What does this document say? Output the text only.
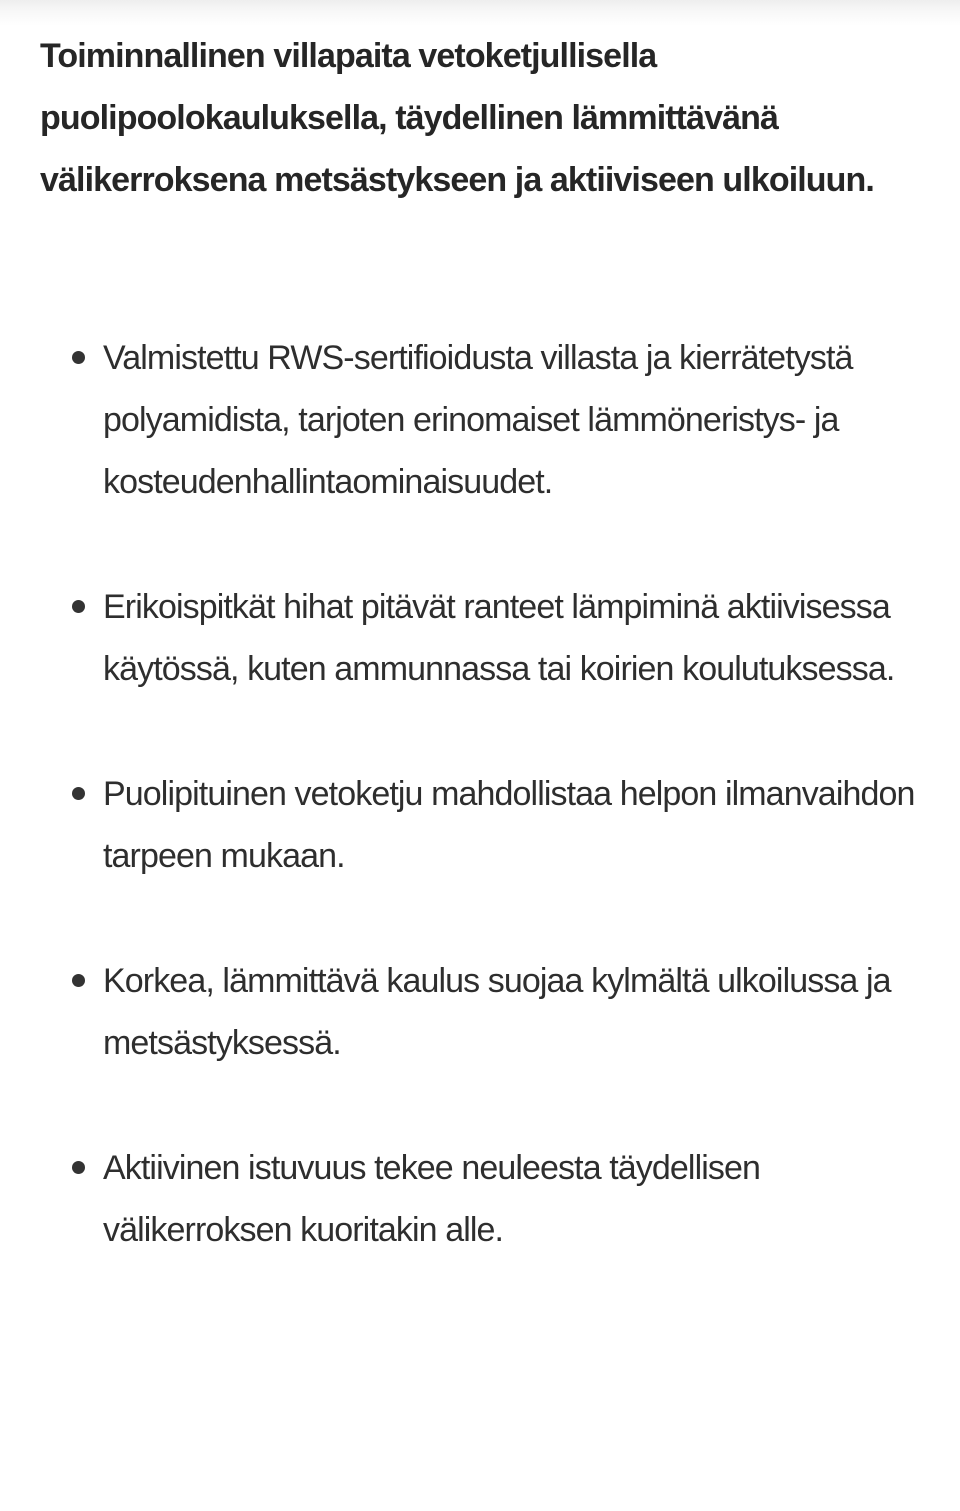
Toiminnallinen villapaita vetoketjullisella puolipoolokauluksella, täydellinen lämmittävänä välikerroksena metsästykseen ja aktiiviseen ulkoiluun.

Valmistettu RWS-sertifioidusta villasta ja kierrätetystä polyamidista, tarjoten erinomaiset lämmöneristys- ja kosteudenhallintaominaisuudet.
Erikoispitkät hihat pitävät ranteet lämpiminä aktiivisessa käytössä, kuten ammunnassa tai koirien koulutuksessa.
Puolipituinen vetoketju mahdollistaa helpon ilmanvaihdon tarpeen mukaan.
Korkea, lämmittävä kaulus suojaa kylmältä ulkoilussa ja metsästyksessä.
Aktiivinen istuvuus tekee neuleesta täydellisen välikerroksen kuoritakin alle.
